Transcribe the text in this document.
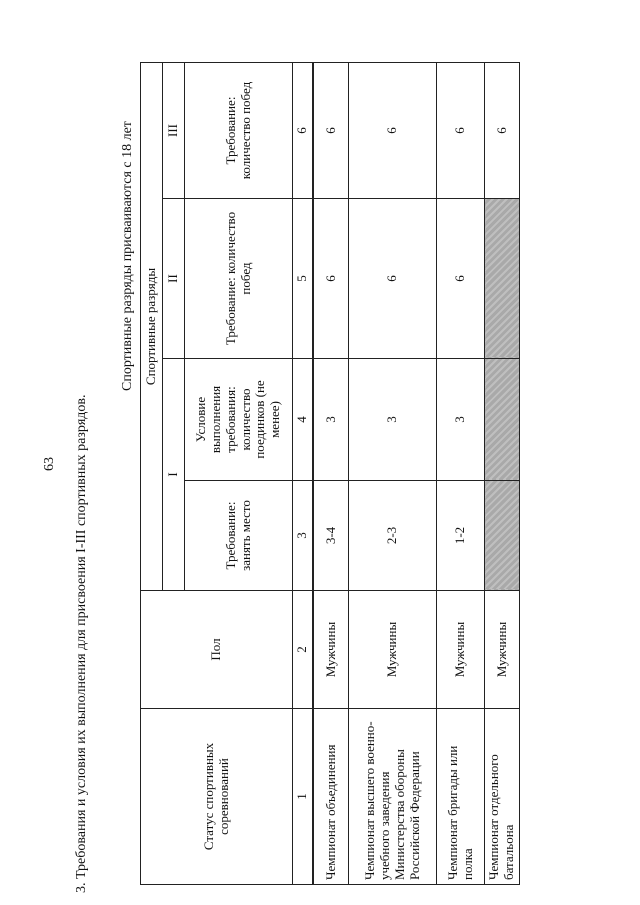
63 3. Требования и условия их выполнения для присвоения I-III спортивных разрядов.
Спортивные разряды присваиваются с 18 лет
Статус спортивных соревнований	Пол	Спортивные разряды			
		I		II	III
		Требование: занять место	Условие выполнения требования: количество поединков (не менее)	Требование: количество побед	Требование: количество побед
1	2	3	4	5	6
Чемпионат объединения	Мужчины	3-4	3	6	6
Чемпионат высшего военно-учебного заведения Министерства обороны Российской Федерации	Мужчины	2-3	3	6	6
Чемпионат бригады или полка	Мужчины	1-2	3	6	6
Чемпионат отдельного батальона	Мужчины				6
